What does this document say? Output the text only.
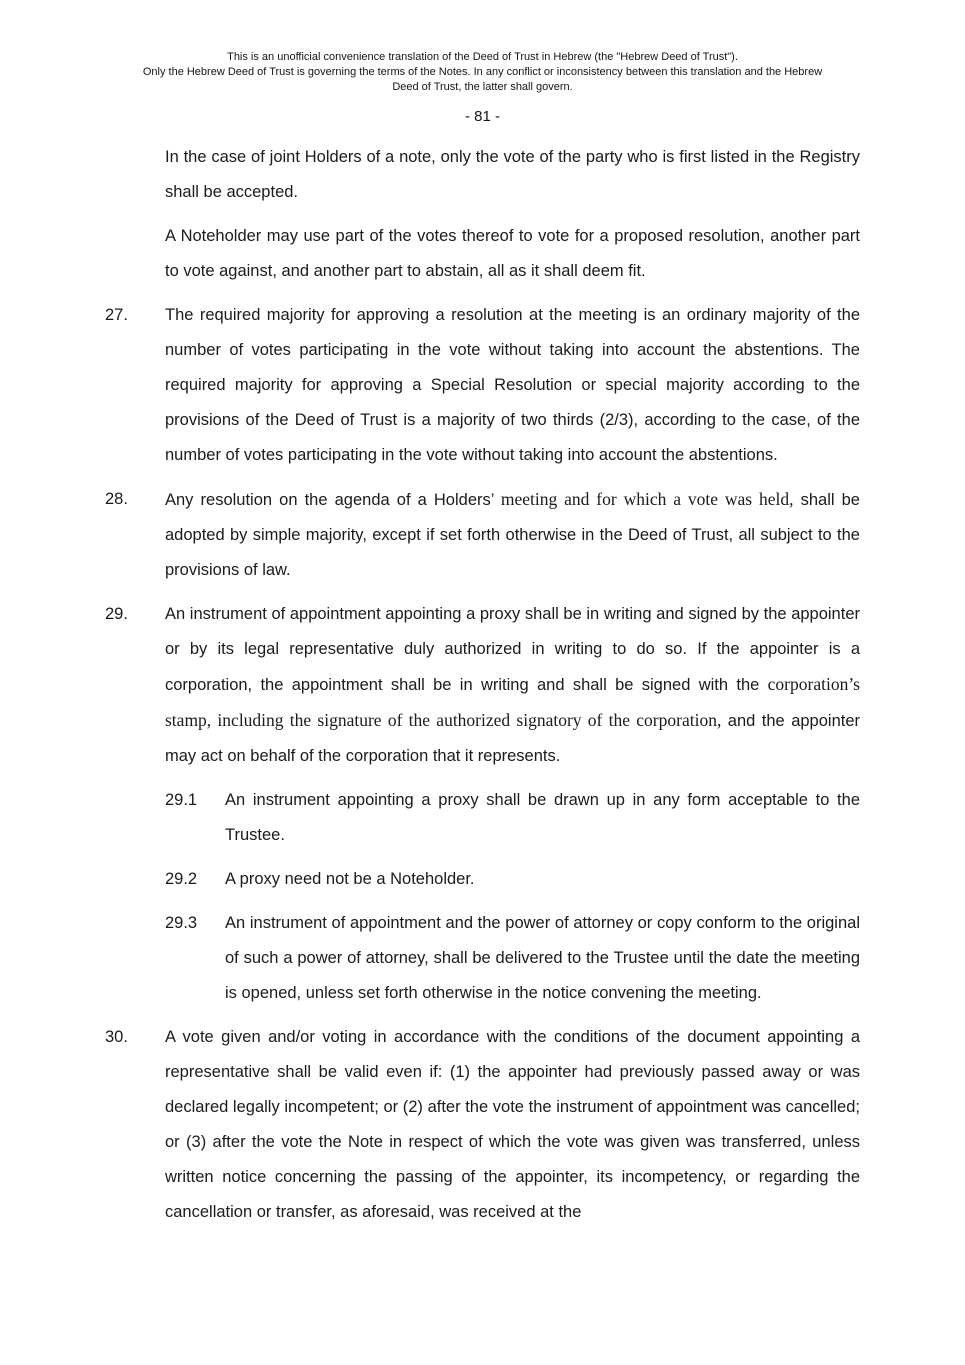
This is an unofficial convenience translation of the Deed of Trust in Hebrew (the "Hebrew Deed of Trust").
Only the Hebrew Deed of Trust is governing the terms of the Notes. In any conflict or inconsistency between this translation and the Hebrew
Deed of Trust, the latter shall govern.
- 81 -
In the case of joint Holders of a note, only the vote of the party who is first listed in the Registry shall be accepted.
A Noteholder may use part of the votes thereof to vote for a proposed resolution, another part to vote against, and another part to abstain, all as it shall deem fit.
27.	The required majority for approving a resolution at the meeting is an ordinary majority of the number of votes participating in the vote without taking into account the abstentions. The required majority for approving a Special Resolution or special majority according to the provisions of the Deed of Trust is a majority of two thirds (2/3), according to the case, of the number of votes participating in the vote without taking into account the abstentions.
28.	Any resolution on the agenda of a Holders’ meeting and for which a vote was held, shall be adopted by simple majority, except if set forth otherwise in the Deed of Trust, all subject to the provisions of law.
29.	An instrument of appointment appointing a proxy shall be in writing and signed by the appointer or by its legal representative duly authorized in writing to do so. If the appointer is a corporation, the appointment shall be in writing and shall be signed with the corporation’s stamp, including the signature of the authorized signatory of the corporation, and the appointer may act on behalf of the corporation that it represents.
29.1	An instrument appointing a proxy shall be drawn up in any form acceptable to the Trustee.
29.2	A proxy need not be a Noteholder.
29.3	An instrument of appointment and the power of attorney or copy conform to the original of such a power of attorney, shall be delivered to the Trustee until the date the meeting is opened, unless set forth otherwise in the notice convening the meeting.
30.	A vote given and/or voting in accordance with the conditions of the document appointing a representative shall be valid even if: (1) the appointer had previously passed away or was declared legally incompetent; or (2) after the vote the instrument of appointment was cancelled; or (3) after the vote the Note in respect of which the vote was given was transferred, unless written notice concerning the passing of the appointer, its incompetency, or regarding the cancellation or transfer, as aforesaid, was received at the
